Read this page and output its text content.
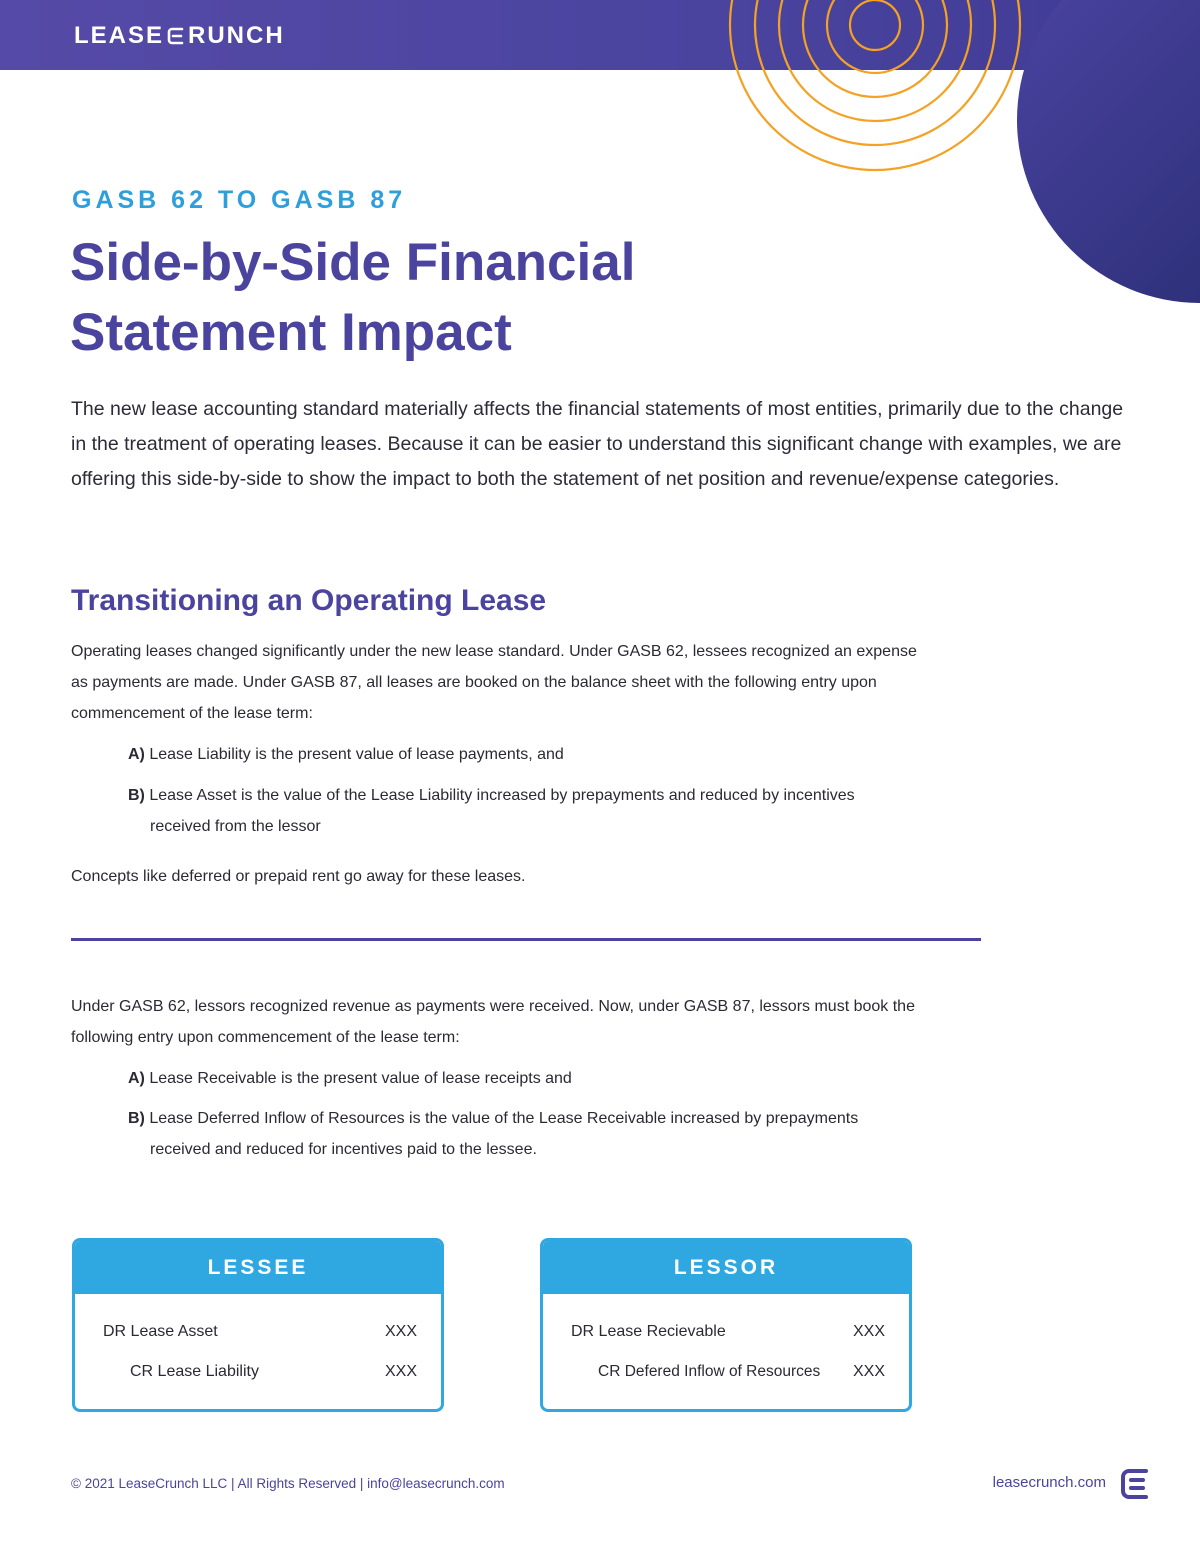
LEASE RUNCH
GASB 62 TO GASB 87
Side-by-Side Financial
Statement Impact

The new lease accounting standard materially affects the financial statements of most entities, primarily due to the change in the treatment of operating leases. Because it can be easier to understand this significant change with examples, we are offering this side-by-side to show the impact to both the statement of net position and revenue/expense categories.

Transitioning an Operating Lease

Operating leases changed significantly under the new lease standard. Under GASB 62, lessees recognized an expense as payments are made. Under GASB 87, all leases are booked on the balance sheet with the following entry upon commencement of the lease term:

A) Lease Liability is the present value of lease payments, and

B) Lease Asset is the value of the Lease Liability increased by prepayments and reduced by incentives received from the lessor

Concepts like deferred or prepaid rent go away for these leases.

Under GASB 62, lessors recognized revenue as payments were received. Now, under GASB 87, lessors must book the following entry upon commencement of the lease term:

A) Lease Receivable is the present value of lease receipts and

B) Lease Deferred Inflow of Resources is the value of the Lease Receivable increased by prepayments received and reduced for incentives paid to the lessee.

LESSEE
DR Lease Asset	XXX
CR Lease Liability	XXX
LESSOR
DR Lease Recievable	XXX
CR Defered Inflow of Resources XXX
© 2021 LeaseCrunch LLC | All Rights Reserved | info@leasecrunch.com	leasecrunch.com
